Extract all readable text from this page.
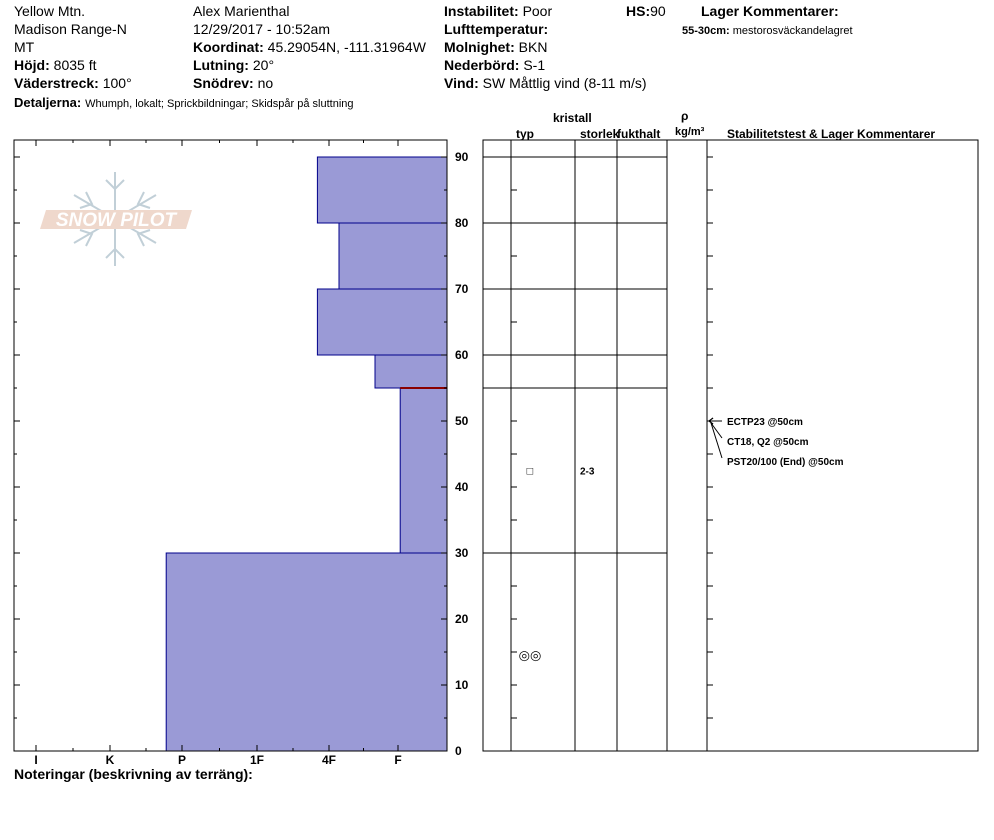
Yellow Mtn.
Madison Range-N
MT
Höjd: 8035 ft
Väderstreck: 100°
Detaljerna: Whumph, lokalt; Sprickbildningar; Skidspår på sluttning
Alex Marienthal
12/29/2017 - 10:52am
Koordinat: 45.29054N, -111.31964W
Lutning: 20°
Snödrev: no
Instabilitet: Poor
Lufttemperatur:
Molnighet: BKN
Nederbörd: S-1
Vind: SW Måttlig vind (8-11 m/s)
HS:90	Lager Kommentarer:
55-30cm: mestorosväckandelagret
kristall
typ	storlek
fukthalt
ρ
kg/m³ Stabilitetstest & Lager Kommentarer
SNOW PILOT
I	K	P	1F	4F	F
0
10
20
30
40
50
60
70
80
90
□	2-3
◎◎
ECTP23 @50cm
CT18, Q2 @50cm
PST20/100 (End) @50cm
Noteringar (beskrivning av terräng):
